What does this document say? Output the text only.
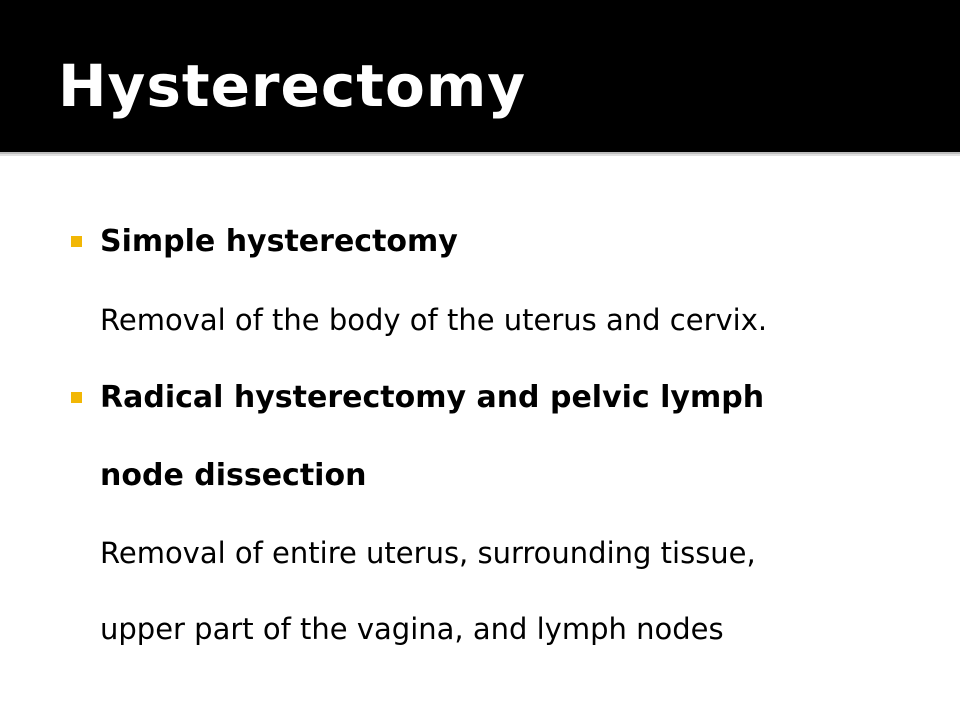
Hysterectomy

Simple hysterectomy

Removal of the body of the uterus and cervix.

Radical hysterectomy and pelvic lymph

node dissection

Removal of entire uterus, surrounding tissue,

upper part of the vagina, and lymph nodes
